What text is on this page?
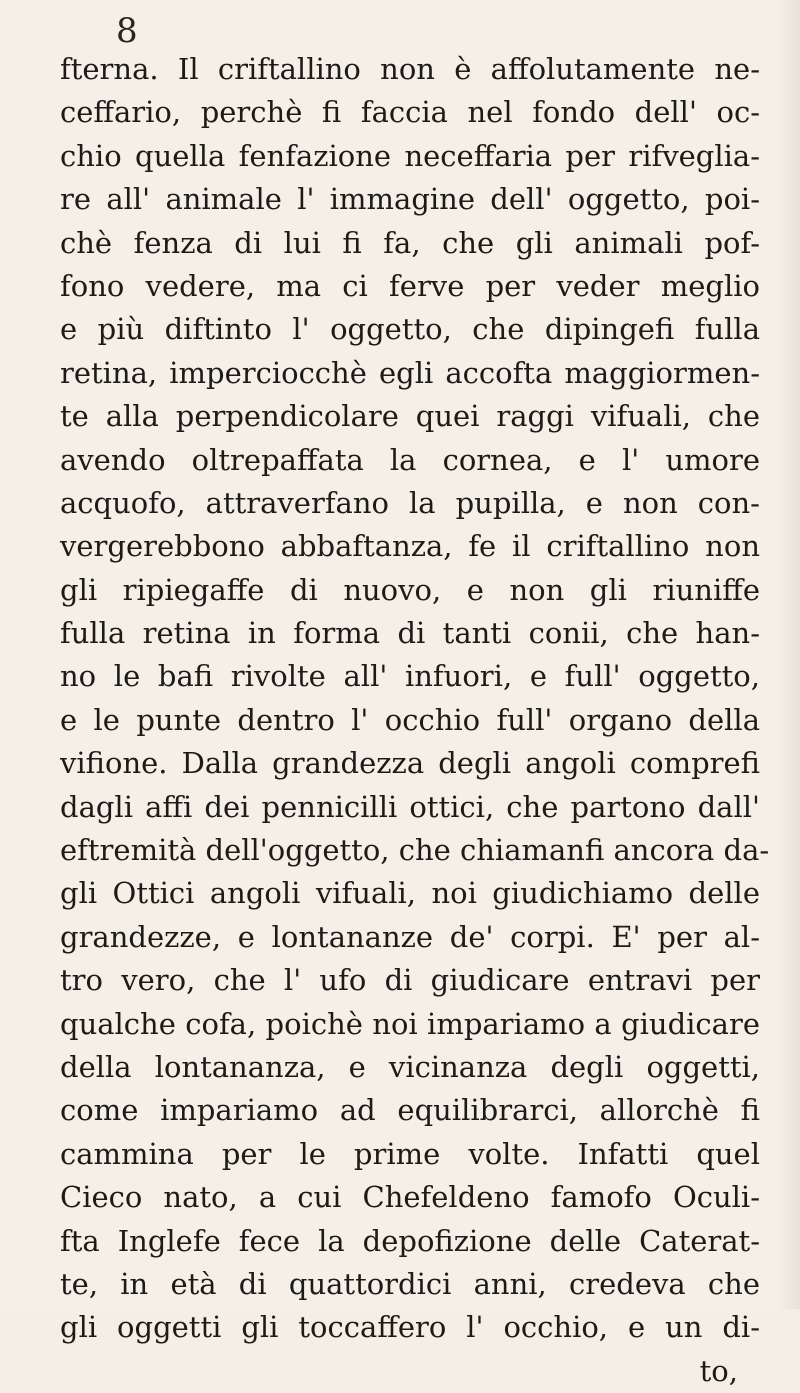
8

fterna. Il criftallino non è affolutamente ne-
ceffario, perchè fi faccia nel fondo dell' oc-
chio quella fenfazione neceffaria per rifveglia-
re all' animale l' immagine dell' oggetto, poi-
chè fenza di lui fi fa, che gli animali pof-
fono vedere, ma ci ferve per veder meglio
e più diftinto l' oggetto, che dipingefi fulla
retina, imperciocchè egli accofta maggiormen-
te alla perpendicolare quei raggi vifuali, che
avendo oltrepaffata la cornea, e l' umore
acquofo, attraverfano la pupilla, e non con-
vergerebbono abbaftanza, fe il criftallino non
gli ripiegaffe di nuovo, e non gli riuniffe
fulla retina in forma di tanti conii, che han-
no le bafi rivolte all' infuori, e full' oggetto,
e le punte dentro l' occhio full' organo della
vifione. Dalla grandezza degli angoli comprefi
dagli affi dei pennicilli ottici, che partono dall'
eftremità dell'oggetto, che chiamanfi ancora da-
gli Ottici angoli vifuali, noi giudichiamo delle
grandezze, e lontananze de' corpi. E' per al-
tro vero, che l' ufo di giudicare entravi per
qualche cofa, poichè noi impariamo a giudicare
della lontananza, e vicinanza degli oggetti,
come impariamo ad equilibrarci, allorchè fi
cammina per le prime volte. Infatti quel
Cieco nato, a cui Chefeldeno famofo Oculi-
fta Inglefe fece la depofizione delle Caterat-
te, in età di quattordici anni, credeva che
gli oggetti gli toccaffero l' occhio, e un di-
to,
